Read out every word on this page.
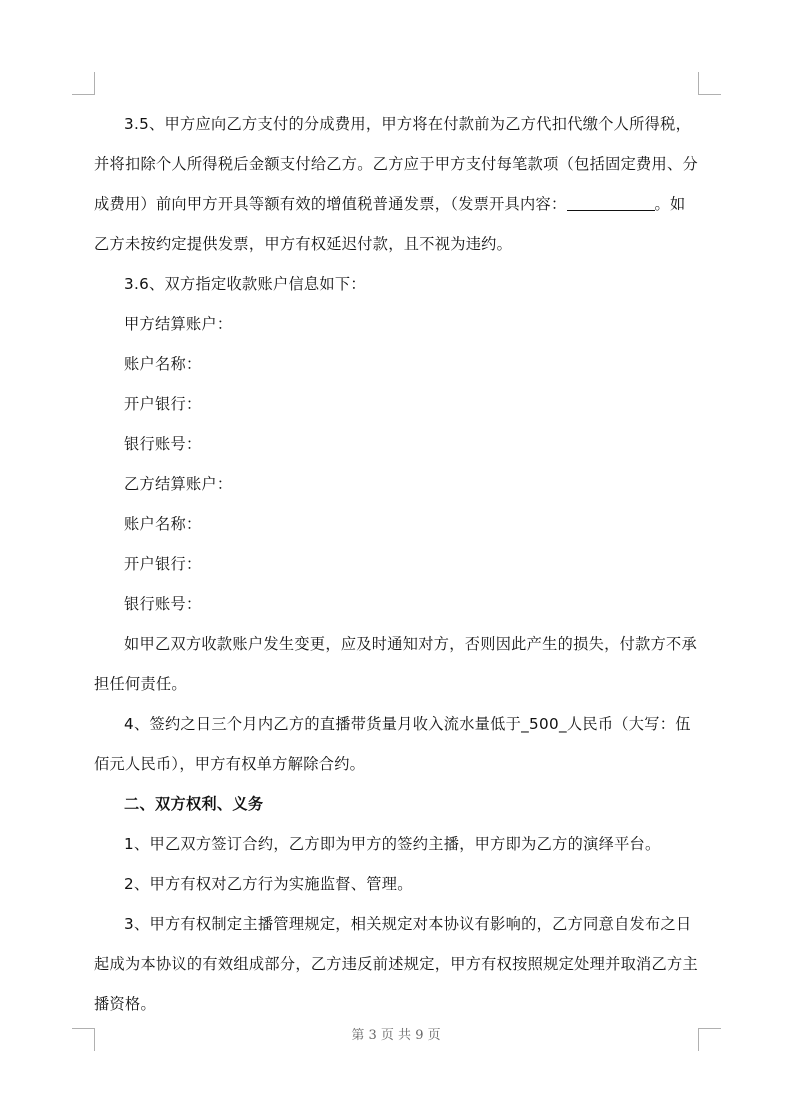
3.5、甲方应向乙方支付的分成费用，甲方将在付款前为乙方代扣代缴个人所得税，并将扣除个人所得税后金额支付给乙方。乙方应于甲方支付每笔款项（包括固定费用、分成费用）前向甲方开具等额有效的增值税普通发票，（发票开具内容：	。如乙方未按约定提供发票，甲方有权延迟付款，且不视为违约。

3.6、双方指定收款账户信息如下：

甲方结算账户：

账户名称：

开户银行：

银行账号：

乙方结算账户：

账户名称：

开户银行：

银行账号：

如甲乙双方收款账户发生变更，应及时通知对方，否则因此产生的损失，付款方不承担任何责任。

4、签约之日三个月内乙方的直播带货量月收入流水量低于_500_人民币（大写：伍佰元人民币），甲方有权单方解除合约。

二、双方权利、义务

1、甲乙双方签订合约，乙方即为甲方的签约主播，甲方即为乙方的演绎平台。

2、甲方有权对乙方行为实施监督、管理。

3、甲方有权制定主播管理规定，相关规定对本协议有影响的，乙方同意自发布之日起成为本协议的有效组成部分，乙方违反前述规定，甲方有权按照规定处理并取消乙方主播资格。

第 3 页 共 9 页
